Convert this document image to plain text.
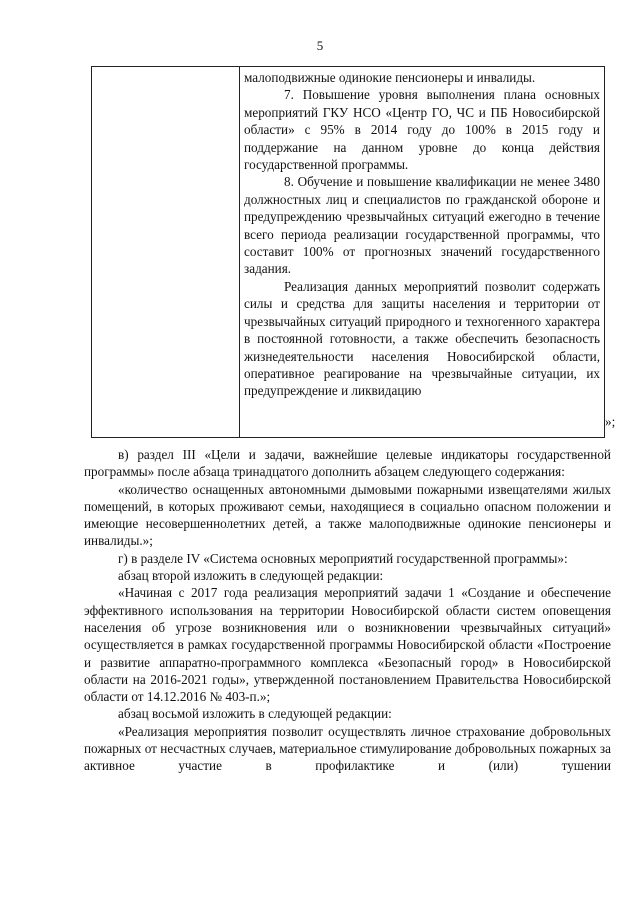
5

малоподвижные одинокие пенсионеры и инвалиды.

7. Повышение уровня выполнения плана основных мероприятий ГКУ НСО «Центр ГО, ЧС и ПБ Новосибирской области» с 95% в 2014 году до 100% в 2015 году и поддержание на данном уровне до конца действия государственной программы.

8. Обучение и повышение квалификации не менее 3480 должностных лиц и специалистов по гражданской обороне и предупреждению чрезвычайных ситуаций ежегодно в течение всего периода реализации государственной программы, что составит 100% от прогнозных значений государственного задания.

Реализация данных мероприятий позволит содержать силы и средства для защиты населения и территории от чрезвычайных ситуаций природного и техногенного характера в постоянной готовности, а также обеспечить безопасность жизнедеятельности населения Новосибирской области, оперативное реагирование на чрезвычайные ситуации, их предупреждение и ликвидацию

»;

в) раздел III «Цели и задачи, важнейшие целевые индикаторы государственной программы» после абзаца тринадцатого дополнить абзацем следующего содержания:

«количество оснащенных автономными дымовыми пожарными извещателями жилых помещений, в которых проживают семьи, находящиеся в социально опасном положении и имеющие несовершеннолетних детей, а также малоподвижные одинокие пенсионеры и инвалиды.»;

г) в разделе IV «Система основных мероприятий государственной программы»:

абзац второй изложить в следующей редакции:

«Начиная с 2017 года реализация мероприятий задачи 1 «Создание и обеспечение эффективного использования на территории Новосибирской области систем оповещения населения об угрозе возникновения или о возникновении чрезвычайных ситуаций» осуществляется в рамках государственной программы Новосибирской области «Построение и развитие аппаратно-программного комплекса «Безопасный город» в Новосибирской области на 2016-2021 годы», утвержденной постановлением Правительства Новосибирской области от 14.12.2016 № 403-п.»;

абзац восьмой изложить в следующей редакции:

«Реализация мероприятия позволит осуществлять личное страхование добровольных пожарных от несчастных случаев, материальное стимулирование добровольных пожарных за активное участие в профилактике и (или) тушении
